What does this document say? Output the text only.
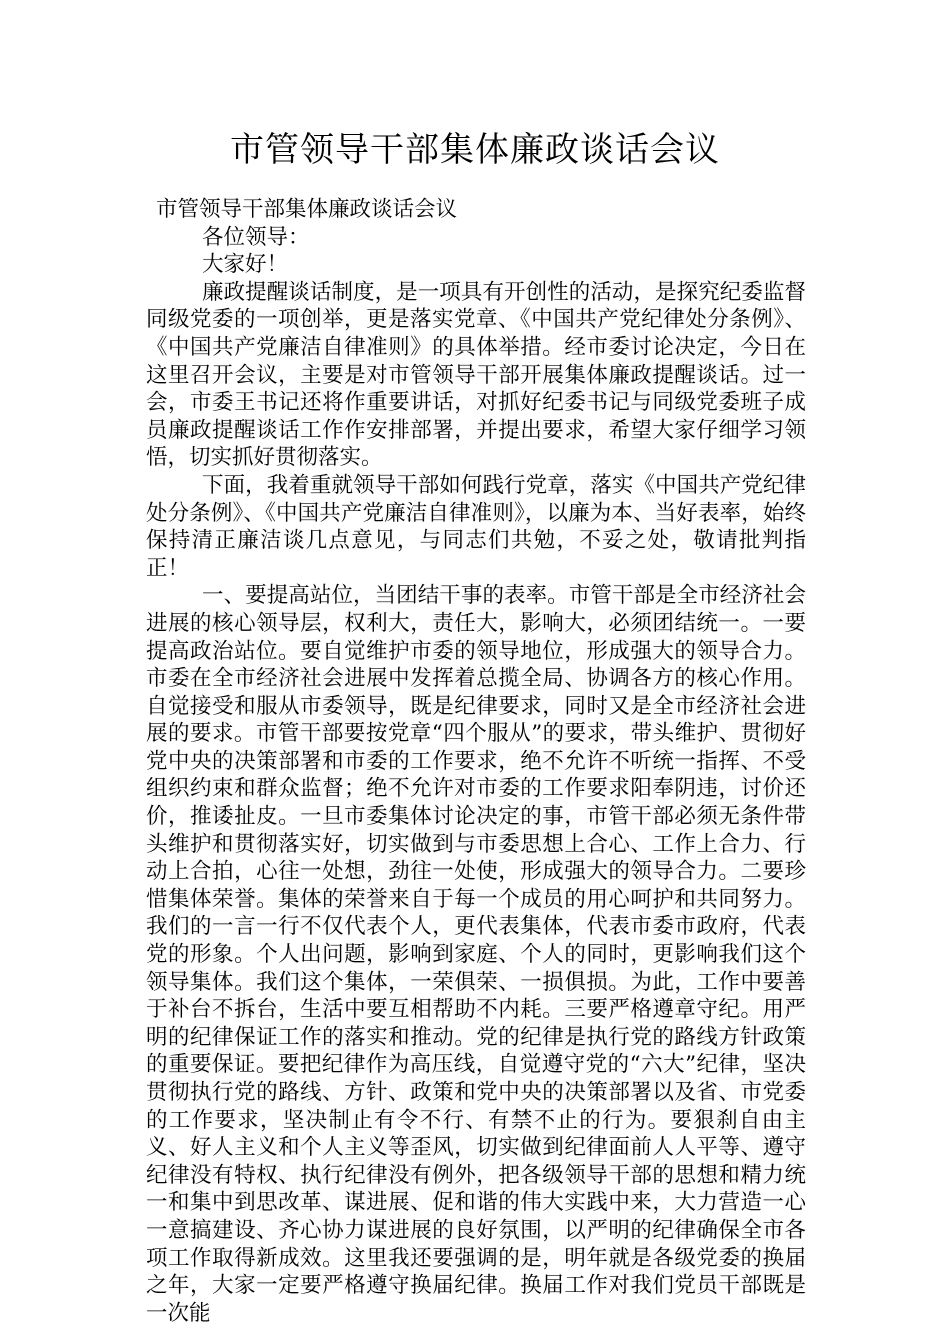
市管领导干部集体廉政谈话会议

市管领导干部集体廉政谈话会议

各位领导：

大家好！

廉政提醒谈话制度，是一项具有开创性的活动，是探究纪委监督同级党委的一项创举，更是落实党章、《中国共产党纪律处分条例》、《中国共产党廉洁自律准则》的具体举措。经市委讨论决定，今日在这里召开会议，主要是对市管领导干部开展集体廉政提醒谈话。过一会，市委王书记还将作重要讲话，对抓好纪委书记与同级党委班子成员廉政提醒谈话工作作安排部署，并提出要求，希望大家仔细学习领悟，切实抓好贯彻落实。

下面，我着重就领导干部如何践行党章，落实《中国共产党纪律处分条例》、《中国共产党廉洁自律准则》，以廉为本、当好表率，始终保持清正廉洁谈几点意见，与同志们共勉，不妥之处，敬请批判指正！

一、要提高站位，当团结干事的表率。市管干部是全市经济社会进展的核心领导层，权利大，责任大，影响大，必须团结统一。一要提高政治站位。要自觉维护市委的领导地位，形成强大的领导合力。市委在全市经济社会进展中发挥着总揽全局、协调各方的核心作用。自觉接受和服从市委领导，既是纪律要求，同时又是全市经济社会进展的要求。市管干部要按党章“四个服从”的要求，带头维护、贯彻好党中央的决策部署和市委的工作要求，绝不允许不听统一指挥、不受组织约束和群众监督；绝不允许对市委的工作要求阳奉阴违，讨价还价，推诿扯皮。一旦市委集体讨论决定的事，市管干部必须无条件带头维护和贯彻落实好，切实做到与市委思想上合心、工作上合力、行动上合拍，心往一处想，劲往一处使，形成强大的领导合力。二要珍惜集体荣誉。集体的荣誉来自于每一个成员的用心呵护和共同努力。我们的一言一行不仅代表个人，更代表集体，代表市委市政府，代表党的形象。个人出问题，影响到家庭、个人的同时，更影响我们这个领导集体。我们这个集体，一荣俱荣、一损俱损。为此，工作中要善于补台不拆台，生活中要互相帮助不内耗。三要严格遵章守纪。用严明的纪律保证工作的落实和推动。党的纪律是执行党的路线方针政策的重要保证。要把纪律作为高压线，自觉遵守党的“六大”纪律，坚决贯彻执行党的路线、方针、政策和党中央的决策部署以及省、市党委的工作要求，坚决制止有令不行、有禁不止的行为。要狠刹自由主义、好人主义和个人主义等歪风，切实做到纪律面前人人平等、遵守纪律没有特权、执行纪律没有例外，把各级领导干部的思想和精力统一和集中到思改革、谋进展、促和谐的伟大实践中来，大力营造一心一意搞建设、齐心协力谋进展的良好氛围，以严明的纪律确保全市各项工作取得新成效。这里我还要强调的是，明年就是各级党委的换届之年，大家一定要严格遵守换届纪律。换届工作对我们党员干部既是一次能
